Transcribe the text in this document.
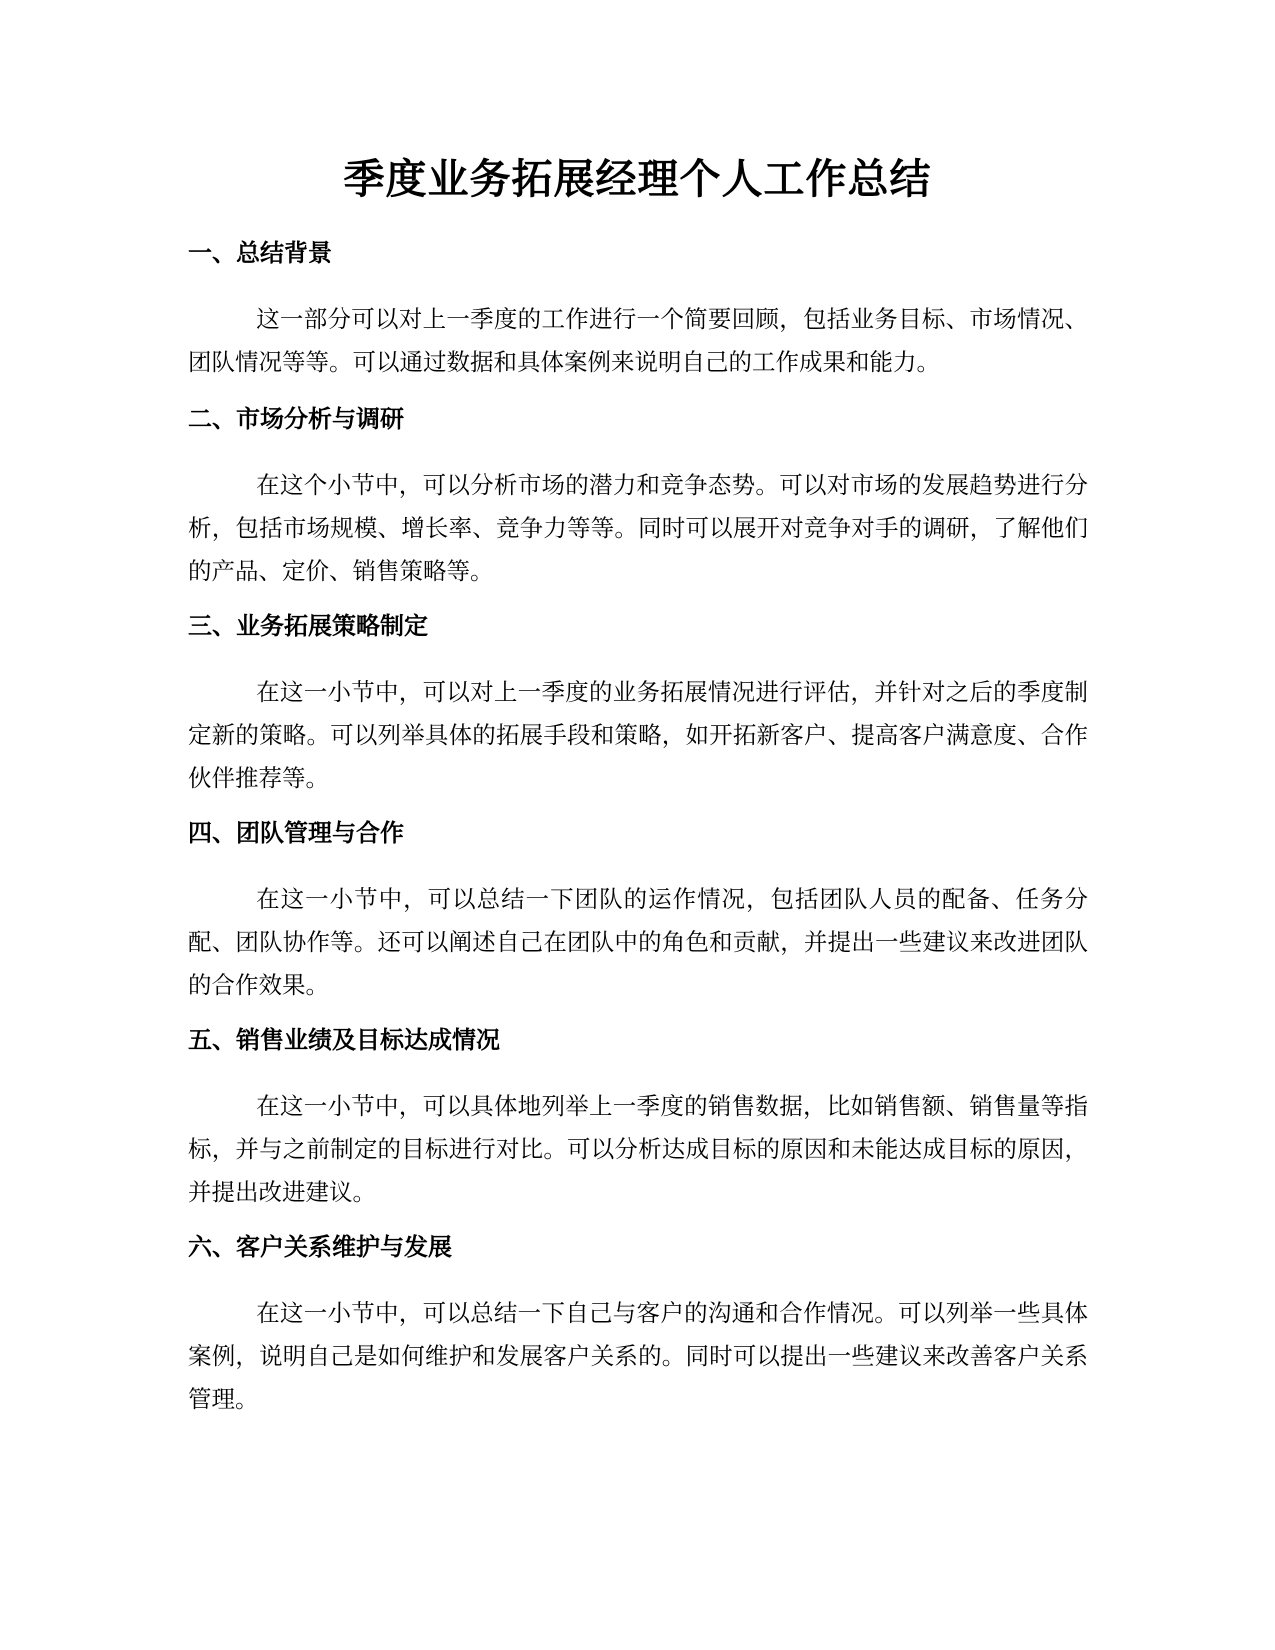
季度业务拓展经理个人工作总结
一、总结背景

这一部分可以对上一季度的工作进行一个简要回顾，包括业务目标、市场情况、团队情况等等。可以通过数据和具体案例来说明自己的工作成果和能力。

二、市场分析与调研

在这个小节中，可以分析市场的潜力和竞争态势。可以对市场的发展趋势进行分析，包括市场规模、增长率、竞争力等等。同时可以展开对竞争对手的调研，了解他们的产品、定价、销售策略等。

三、业务拓展策略制定

在这一小节中，可以对上一季度的业务拓展情况进行评估，并针对之后的季度制定新的策略。可以列举具体的拓展手段和策略，如开拓新客户、提高客户满意度、合作伙伴推荐等。

四、团队管理与合作

在这一小节中，可以总结一下团队的运作情况，包括团队人员的配备、任务分配、团队协作等。还可以阐述自己在团队中的角色和贡献，并提出一些建议来改进团队的合作效果。

五、销售业绩及目标达成情况

在这一小节中，可以具体地列举上一季度的销售数据，比如销售额、销售量等指标，并与之前制定的目标进行对比。可以分析达成目标的原因和未能达成目标的原因，并提出改进建议。

六、客户关系维护与发展

在这一小节中，可以总结一下自己与客户的沟通和合作情况。可以列举一些具体案例，说明自己是如何维护和发展客户关系的。同时可以提出一些建议来改善客户关系管理。
